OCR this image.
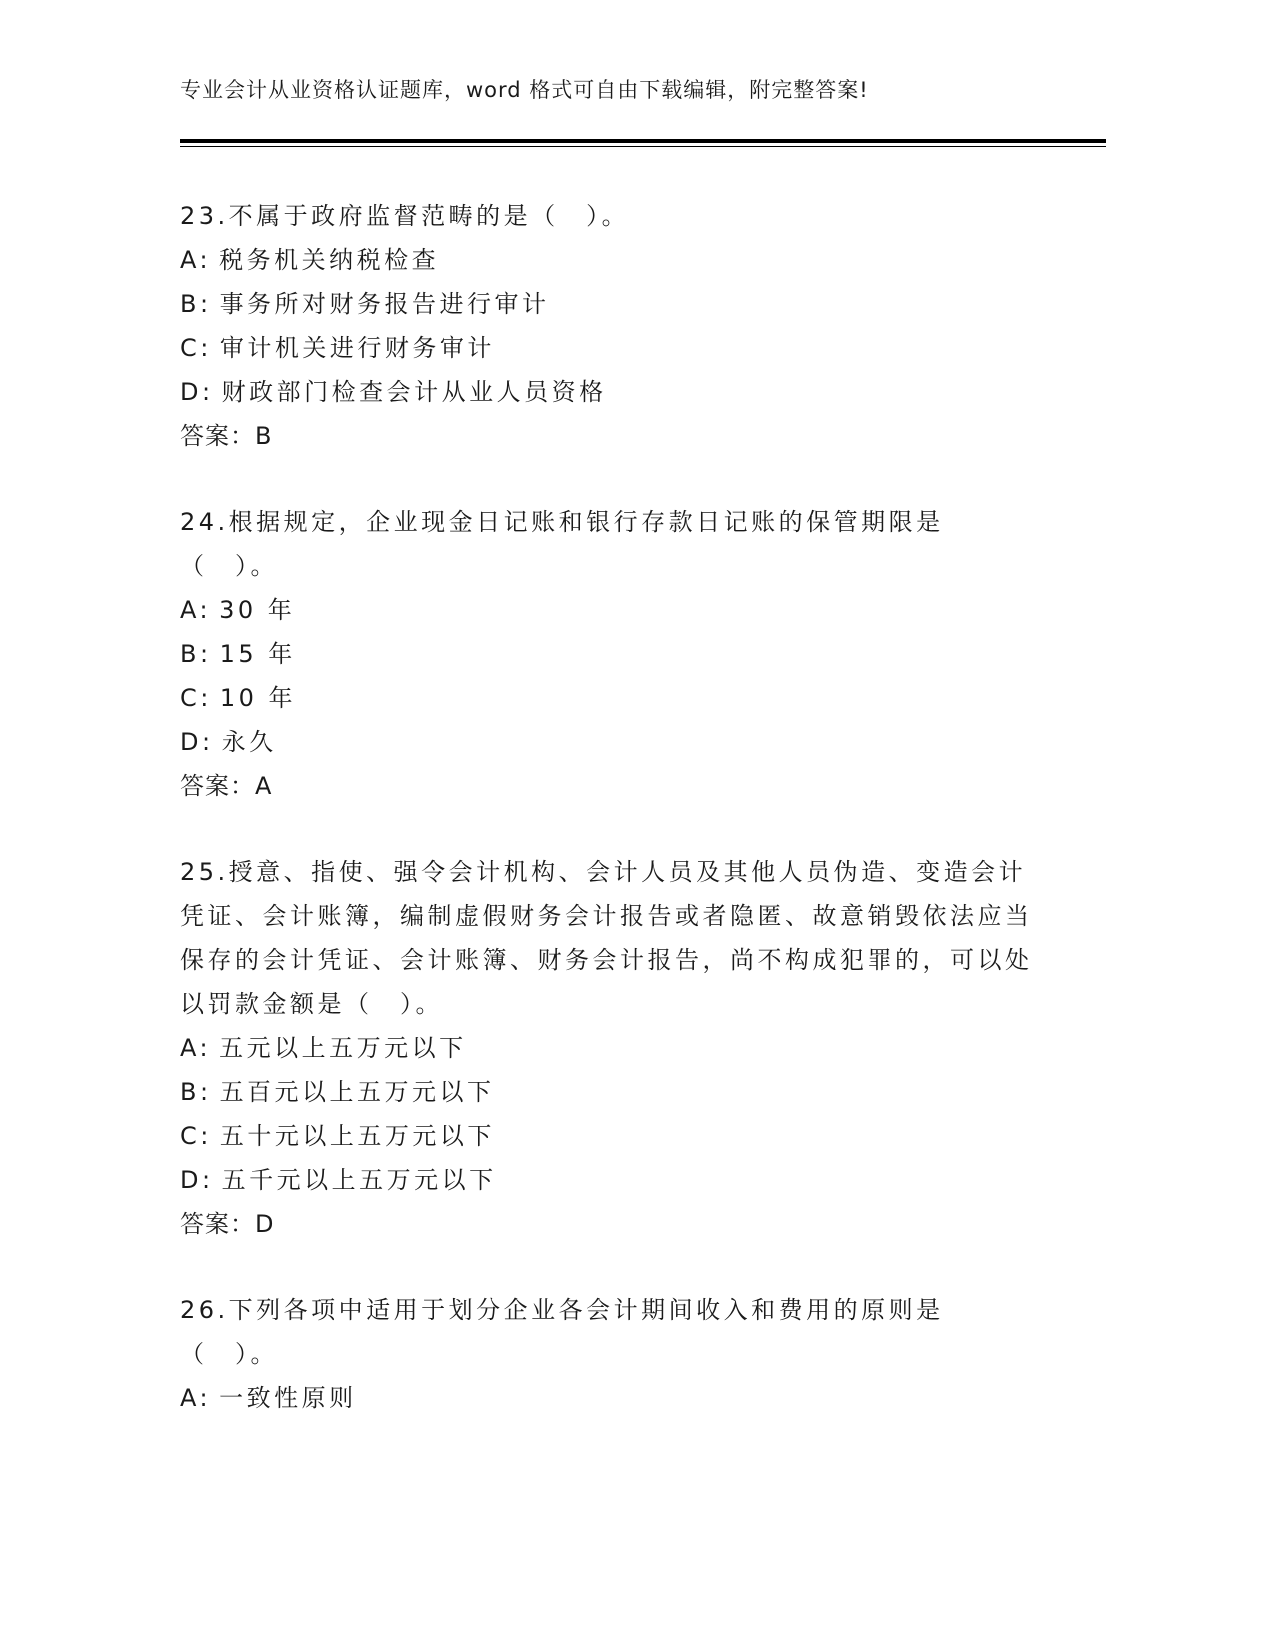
专业会计从业资格认证题库，word 格式可自由下载编辑，附完整答案!

23.不属于政府监督范畴的是（　）。

A: 税务机关纳税检查
B: 事务所对财务报告进行审计
C: 审计机关进行财务审计
D: 财政部门检查会计从业人员资格
答案：B

24.根据规定，企业现金日记账和银行存款日记账的保管期限是（　）。

A: 30 年
B: 15 年
C: 10 年
D: 永久
答案：A

25.授意、指使、强令会计机构、会计人员及其他人员伪造、变造会计凭证、会计账簿，编制虚假财务会计报告或者隐匿、故意销毁依法应当保存的会计凭证、会计账簿、财务会计报告，尚不构成犯罪的，可以处以罚款金额是（　）。

A: 五元以上五万元以下
B: 五百元以上五万元以下
C: 五十元以上五万元以下
D: 五千元以上五万元以下
答案：D

26.下列各项中适用于划分企业各会计期间收入和费用的原则是（　）。

A: 一致性原则
